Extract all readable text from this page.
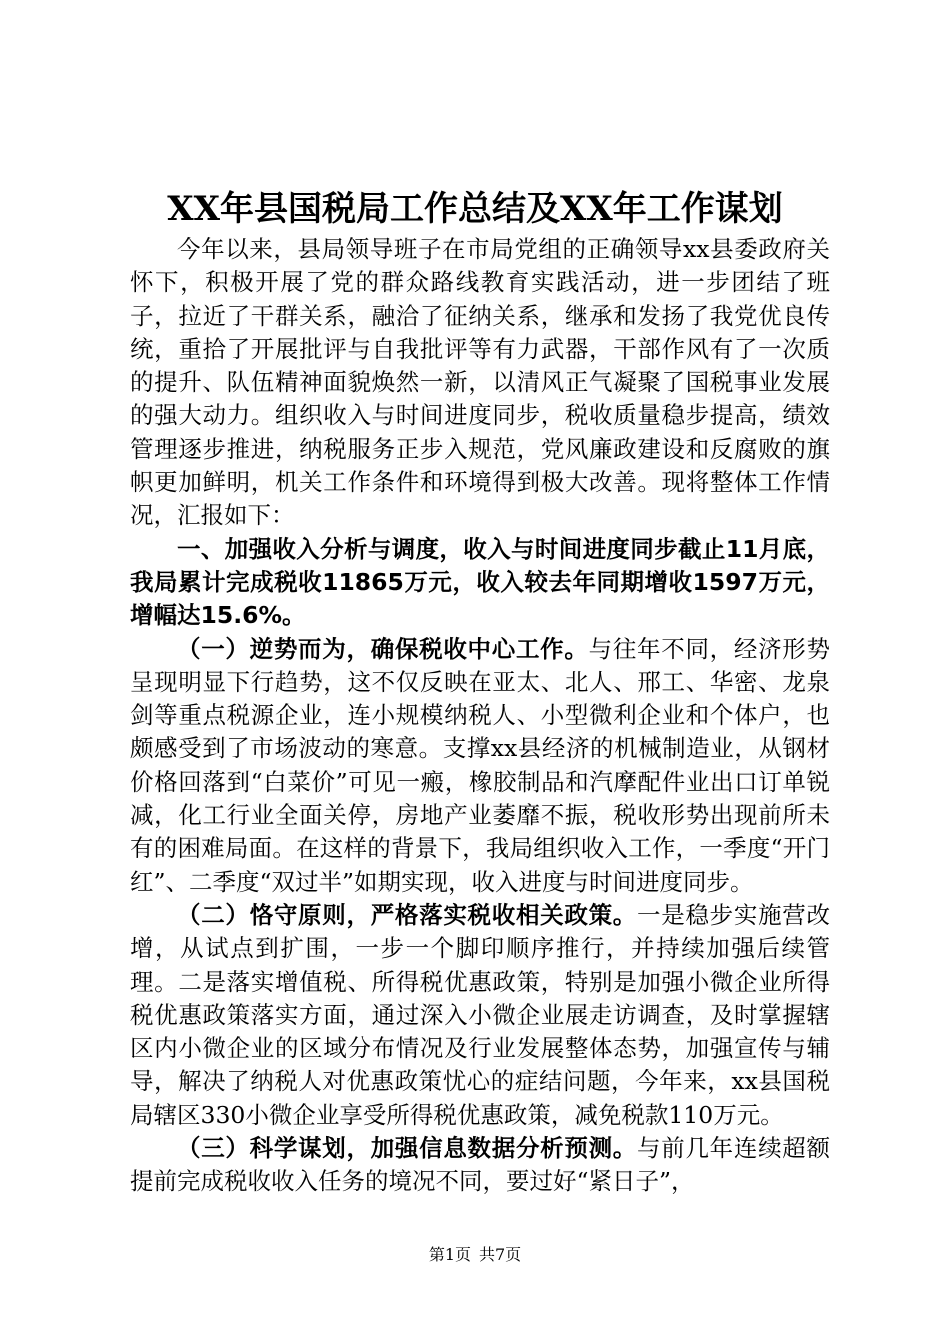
XX年县国税局工作总结及XX年工作谋划

今年以来，县局领导班子在市局党组的正确领导xx县委政府关怀下，积极开展了党的群众路线教育实践活动，进一步团结了班子，拉近了干群关系，融洽了征纳关系，继承和发扬了我党优良传统，重拾了开展批评与自我批评等有力武器，干部作风有了一次质的提升、队伍精神面貌焕然一新，以清风正气凝聚了国税事业发展的强大动力。组织收入与时间进度同步，税收质量稳步提高，绩效管理逐步推进，纳税服务正步入规范，党风廉政建设和反腐败的旗帜更加鲜明，机关工作条件和环境得到极大改善。现将整体工作情况，汇报如下：

一、加强收入分析与调度，收入与时间进度同步截止11月底，我局累计完成税收11865万元，收入较去年同期增收1597万元，增幅达15.6%。

（一）逆势而为，确保税收中心工作。与往年不同，经济形势呈现明显下行趋势，这不仅反映在亚太、北人、邢工、华密、龙泉剑等重点税源企业，连小规模纳税人、小型微利企业和个体户，也颇感受到了市场波动的寒意。支撑xx县经济的机械制造业，从钢材价格回落到“白菜价”可见一瘢，橡胶制品和汽摩配件业出口订单锐减，化工行业全面关停，房地产业萎靡不振，税收形势出现前所未有的困难局面。在这样的背景下，我局组织收入工作，一季度“开门红”、二季度“双过半”如期实现，收入进度与时间进度同步。

（二）恪守原则，严格落实税收相关政策。一是稳步实施营改增，从试点到扩围，一步一个脚印顺序推行，并持续加强后续管理。二是落实增值税、所得税优惠政策，特别是加强小微企业所得税优惠政策落实方面，通过深入小微企业展走访调查，及时掌握辖区内小微企业的区域分布情况及行业发展整体态势，加强宣传与辅导，解决了纳税人对优惠政策忧心的症结问题，今年来，xx县国税局辖区330小微企业享受所得税优惠政策，减免税款110万元。

（三）科学谋划，加强信息数据分析预测。与前几年连续超额提前完成税收收入任务的境况不同，要过好“紧日子”，

第1页 共7页
